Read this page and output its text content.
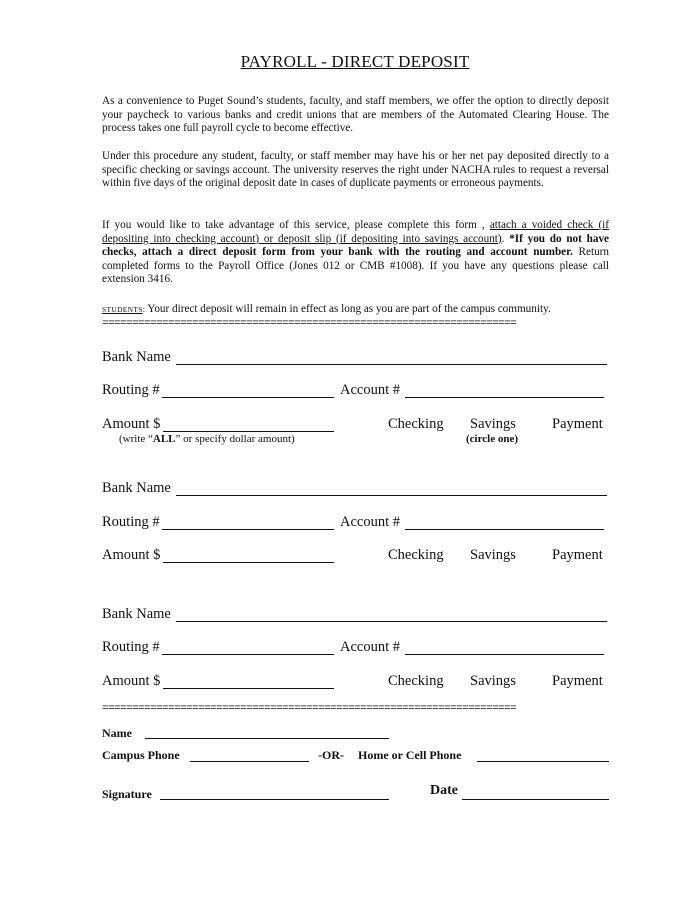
PAYROLL - DIRECT DEPOSIT
As a convenience to Puget Sound’s students, faculty, and staff members, we offer the option to directly deposit your paycheck to various banks and credit unions that are members of the Automated Clearing House. The process takes one full payroll cycle to become effective.
Under this procedure any student, faculty, or staff member may have his or her net pay deposited directly to a specific checking or savings account. The university reserves the right under NACHA rules to request a reversal within five days of the original deposit date in cases of duplicate payments or erroneous payments.
If you would like to take advantage of this service, please complete this form , attach a voided check (if depositing into checking account) or deposit slip (if depositing into savings account). *If you do not have checks, attach a direct deposit form from your bank with the routing and account number. Return completed forms to the Payroll Office (Jones 012 or CMB #1008). If you have any questions please call extension 3416.
STUDENTS: Your direct deposit will remain in effect as long as you are part of the campus community.
=====================================================================
Bank Name
Routing #	Account #
Amount $	Checking Savings Payment
(write “ALL” or specify dollar amount)	(circle one)
Bank Name
Routing #	Account #
Amount $	Checking Savings Payment
Bank Name
Routing #	Account #
Amount $	Checking Savings Payment
=====================================================================
Name
Campus Phone	-OR- Home or Cell Phone
Signature	Date
